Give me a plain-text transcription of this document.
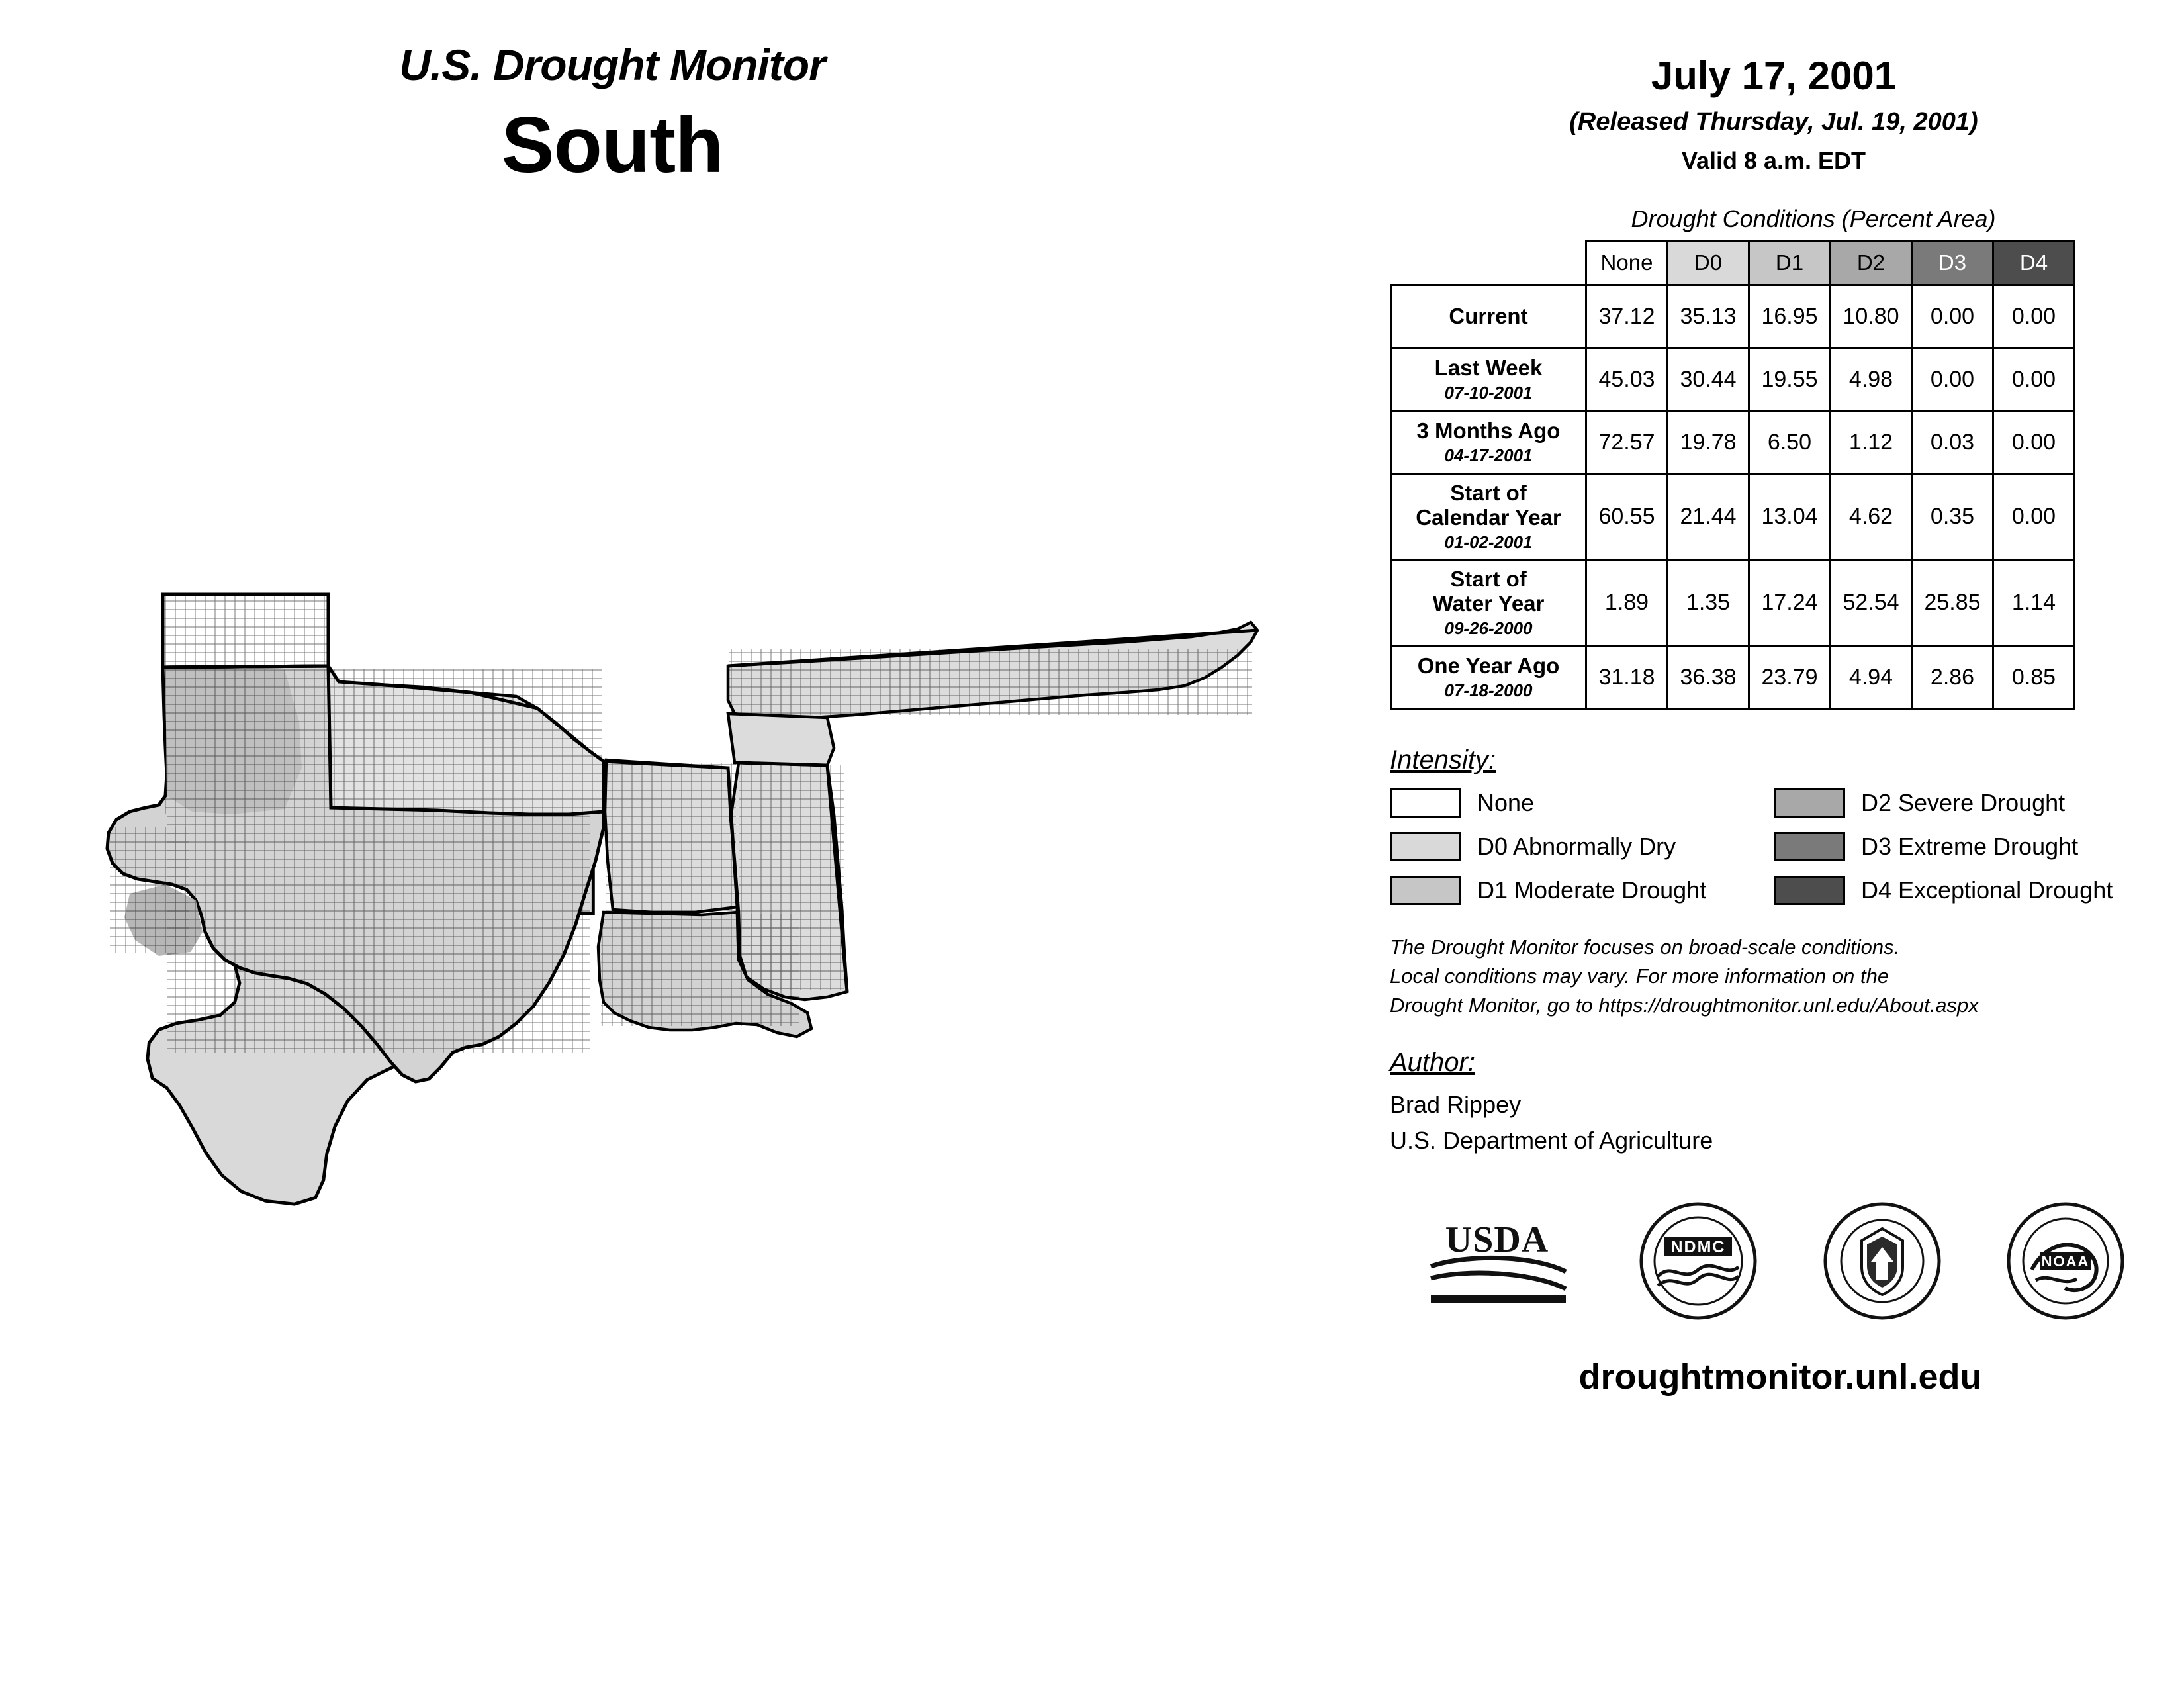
U.S. Drought Monitor
South
July 17, 2001
(Released Thursday, Jul. 19, 2001)
Valid 8 a.m. EDT
Drought Conditions (Percent Area)
	None	D0	D1	D2	D3	D4
Current	37.12	35.13	16.95	10.80	0.00	0.00
Last Week
07-10-2001	45.03	30.44	19.55	4.98	0.00	0.00
3 Months Ago
04-17-2001	72.57	19.78	6.50	1.12	0.03	0.00
Start of
Calendar Year
01-02-2001	60.55	21.44	13.04	4.62	0.35	0.00
Start of
Water Year
09-26-2000	1.89	1.35	17.24	52.54	25.85	1.14
One Year Ago
07-18-2000	31.18	36.38	23.79	4.94	2.86	0.85
Intensity:
None	D2 Severe Drought
D0 Abnormally Dry	D3 Extreme Drought
D1 Moderate Drought	D4 Exceptional Drought
The Drought Monitor focuses on broad-scale conditions.
Local conditions may vary. For more information on the
Drought Monitor, go to https://droughtmonitor.unl.edu/About.aspx
Author:
Brad Rippey
U.S. Department of Agriculture
USDA	NDMC
NOAA
droughtmonitor.unl.edu
